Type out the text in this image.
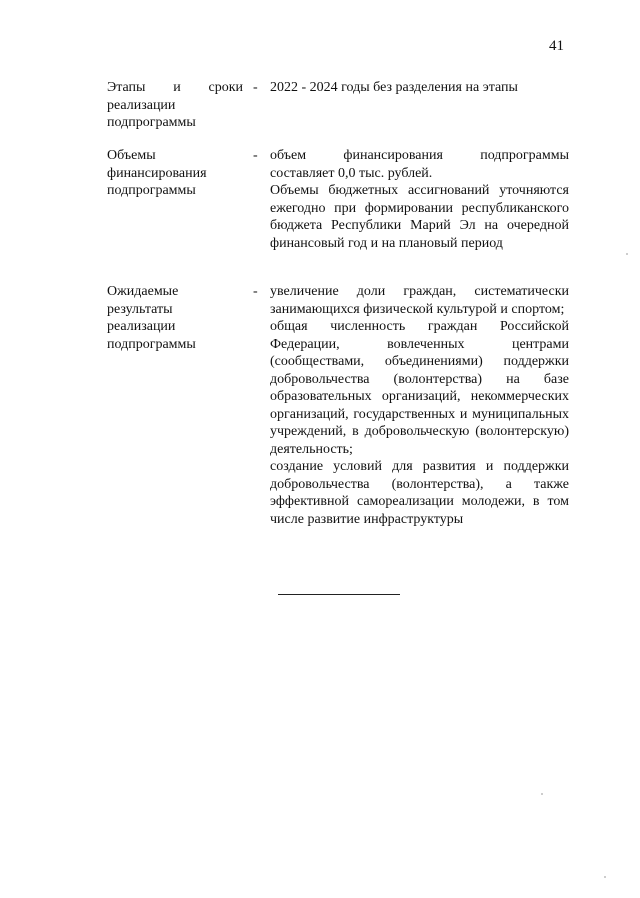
41
Этапы и сроки
реализации
подпрограммы
- 2022 - 2024 годы без разделения на этапы

Объемы
финансирования
подпрограммы
- объем финансирования подпрограммы составляет 0,0 тыс. рублей.

Объемы бюджетных ассигнований уточняются ежегодно при формировании республиканского бюджета Республики Марий Эл на очередной финансовый год и на плановый период

Ожидаемые
результаты
реализации
подпрограммы
- увеличение доли граждан, систематически занимающихся физической культурой и спортом;

общая численность граждан Российской Федерации, вовлеченных центрами (сообществами, объединениями) поддержки добровольчества (волонтерства) на базе образовательных организаций, некоммерческих организаций, государственных и муниципальных учреждений, в добровольческую (волонтерскую) деятельность;

создание условий для развития и поддержки добровольчества (волонтерства), а также эффективной самореализации молодежи, в том числе развитие инфраструктуры
